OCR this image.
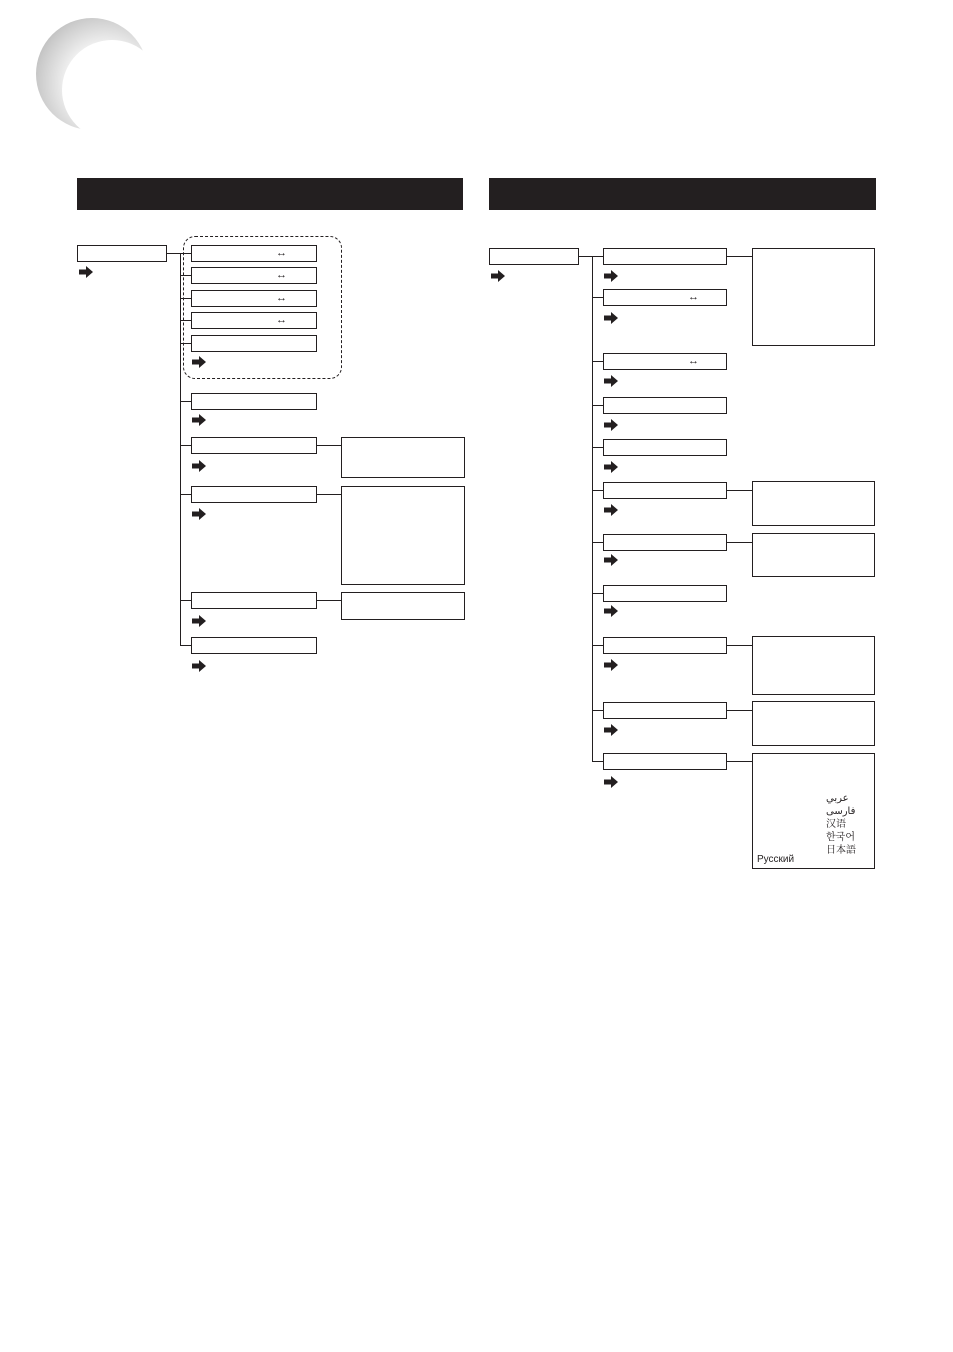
↔
↔
↔
↔
↔
↔
عربي
فارسی
汉语
한국어
日本語
Русский
